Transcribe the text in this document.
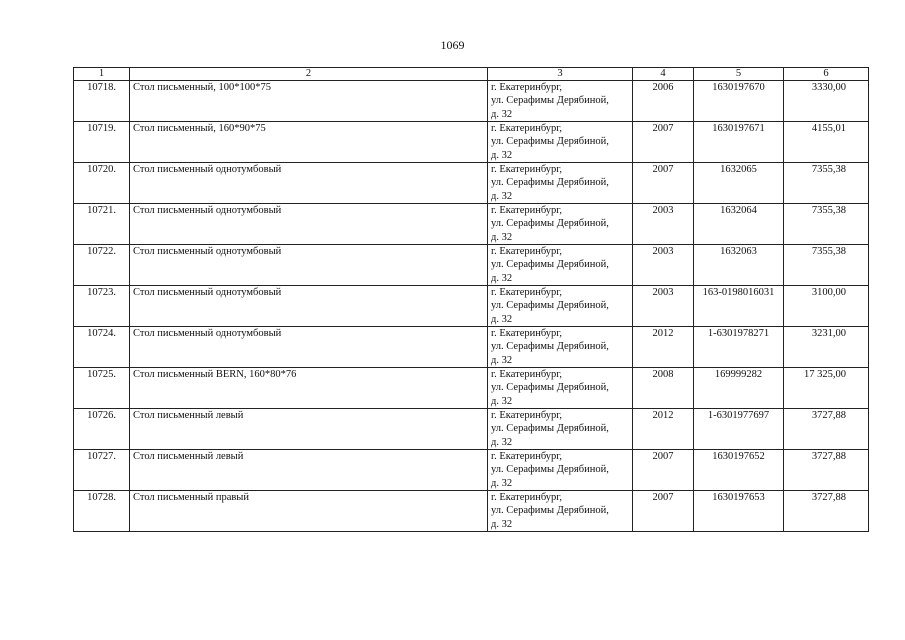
1069
1	2	3	4	5	6
10718.	Стол письменный, 100*100*75	г. Екатеринбург,
ул. Серафимы Дерябиной,
д. 32	2006	1630197670	3330,00
10719.	Стол письменный, 160*90*75	г. Екатеринбург,
ул. Серафимы Дерябиной,
д. 32	2007	1630197671	4155,01
10720.	Стол письменный однотумбовый	г. Екатеринбург,
ул. Серафимы Дерябиной,
д. 32	2007	1632065	7355,38
10721.	Стол письменный однотумбовый	г. Екатеринбург,
ул. Серафимы Дерябиной,
д. 32	2003	1632064	7355,38
10722.	Стол письменный однотумбовый	г. Екатеринбург,
ул. Серафимы Дерябиной,
д. 32	2003	1632063	7355,38
10723.	Стол письменный однотумбовый	г. Екатеринбург,
ул. Серафимы Дерябиной,
д. 32	2003	163-0198016031	3100,00
10724.	Стол письменный однотумбовый	г. Екатеринбург,
ул. Серафимы Дерябиной,
д. 32	2012	1-6301978271	3231,00
10725.	Стол письменный BERN, 160*80*76	г. Екатеринбург,
ул. Серафимы Дерябиной,
д. 32	2008	169999282	17 325,00
10726.	Стол письменный левый	г. Екатеринбург,
ул. Серафимы Дерябиной,
д. 32	2012	1-6301977697	3727,88
10727.	Стол письменный левый	г. Екатеринбург,
ул. Серафимы Дерябиной,
д. 32	2007	1630197652	3727,88
10728.	Стол письменный правый	г. Екатеринбург,
ул. Серафимы Дерябиной,
д. 32	2007	1630197653	3727,88
